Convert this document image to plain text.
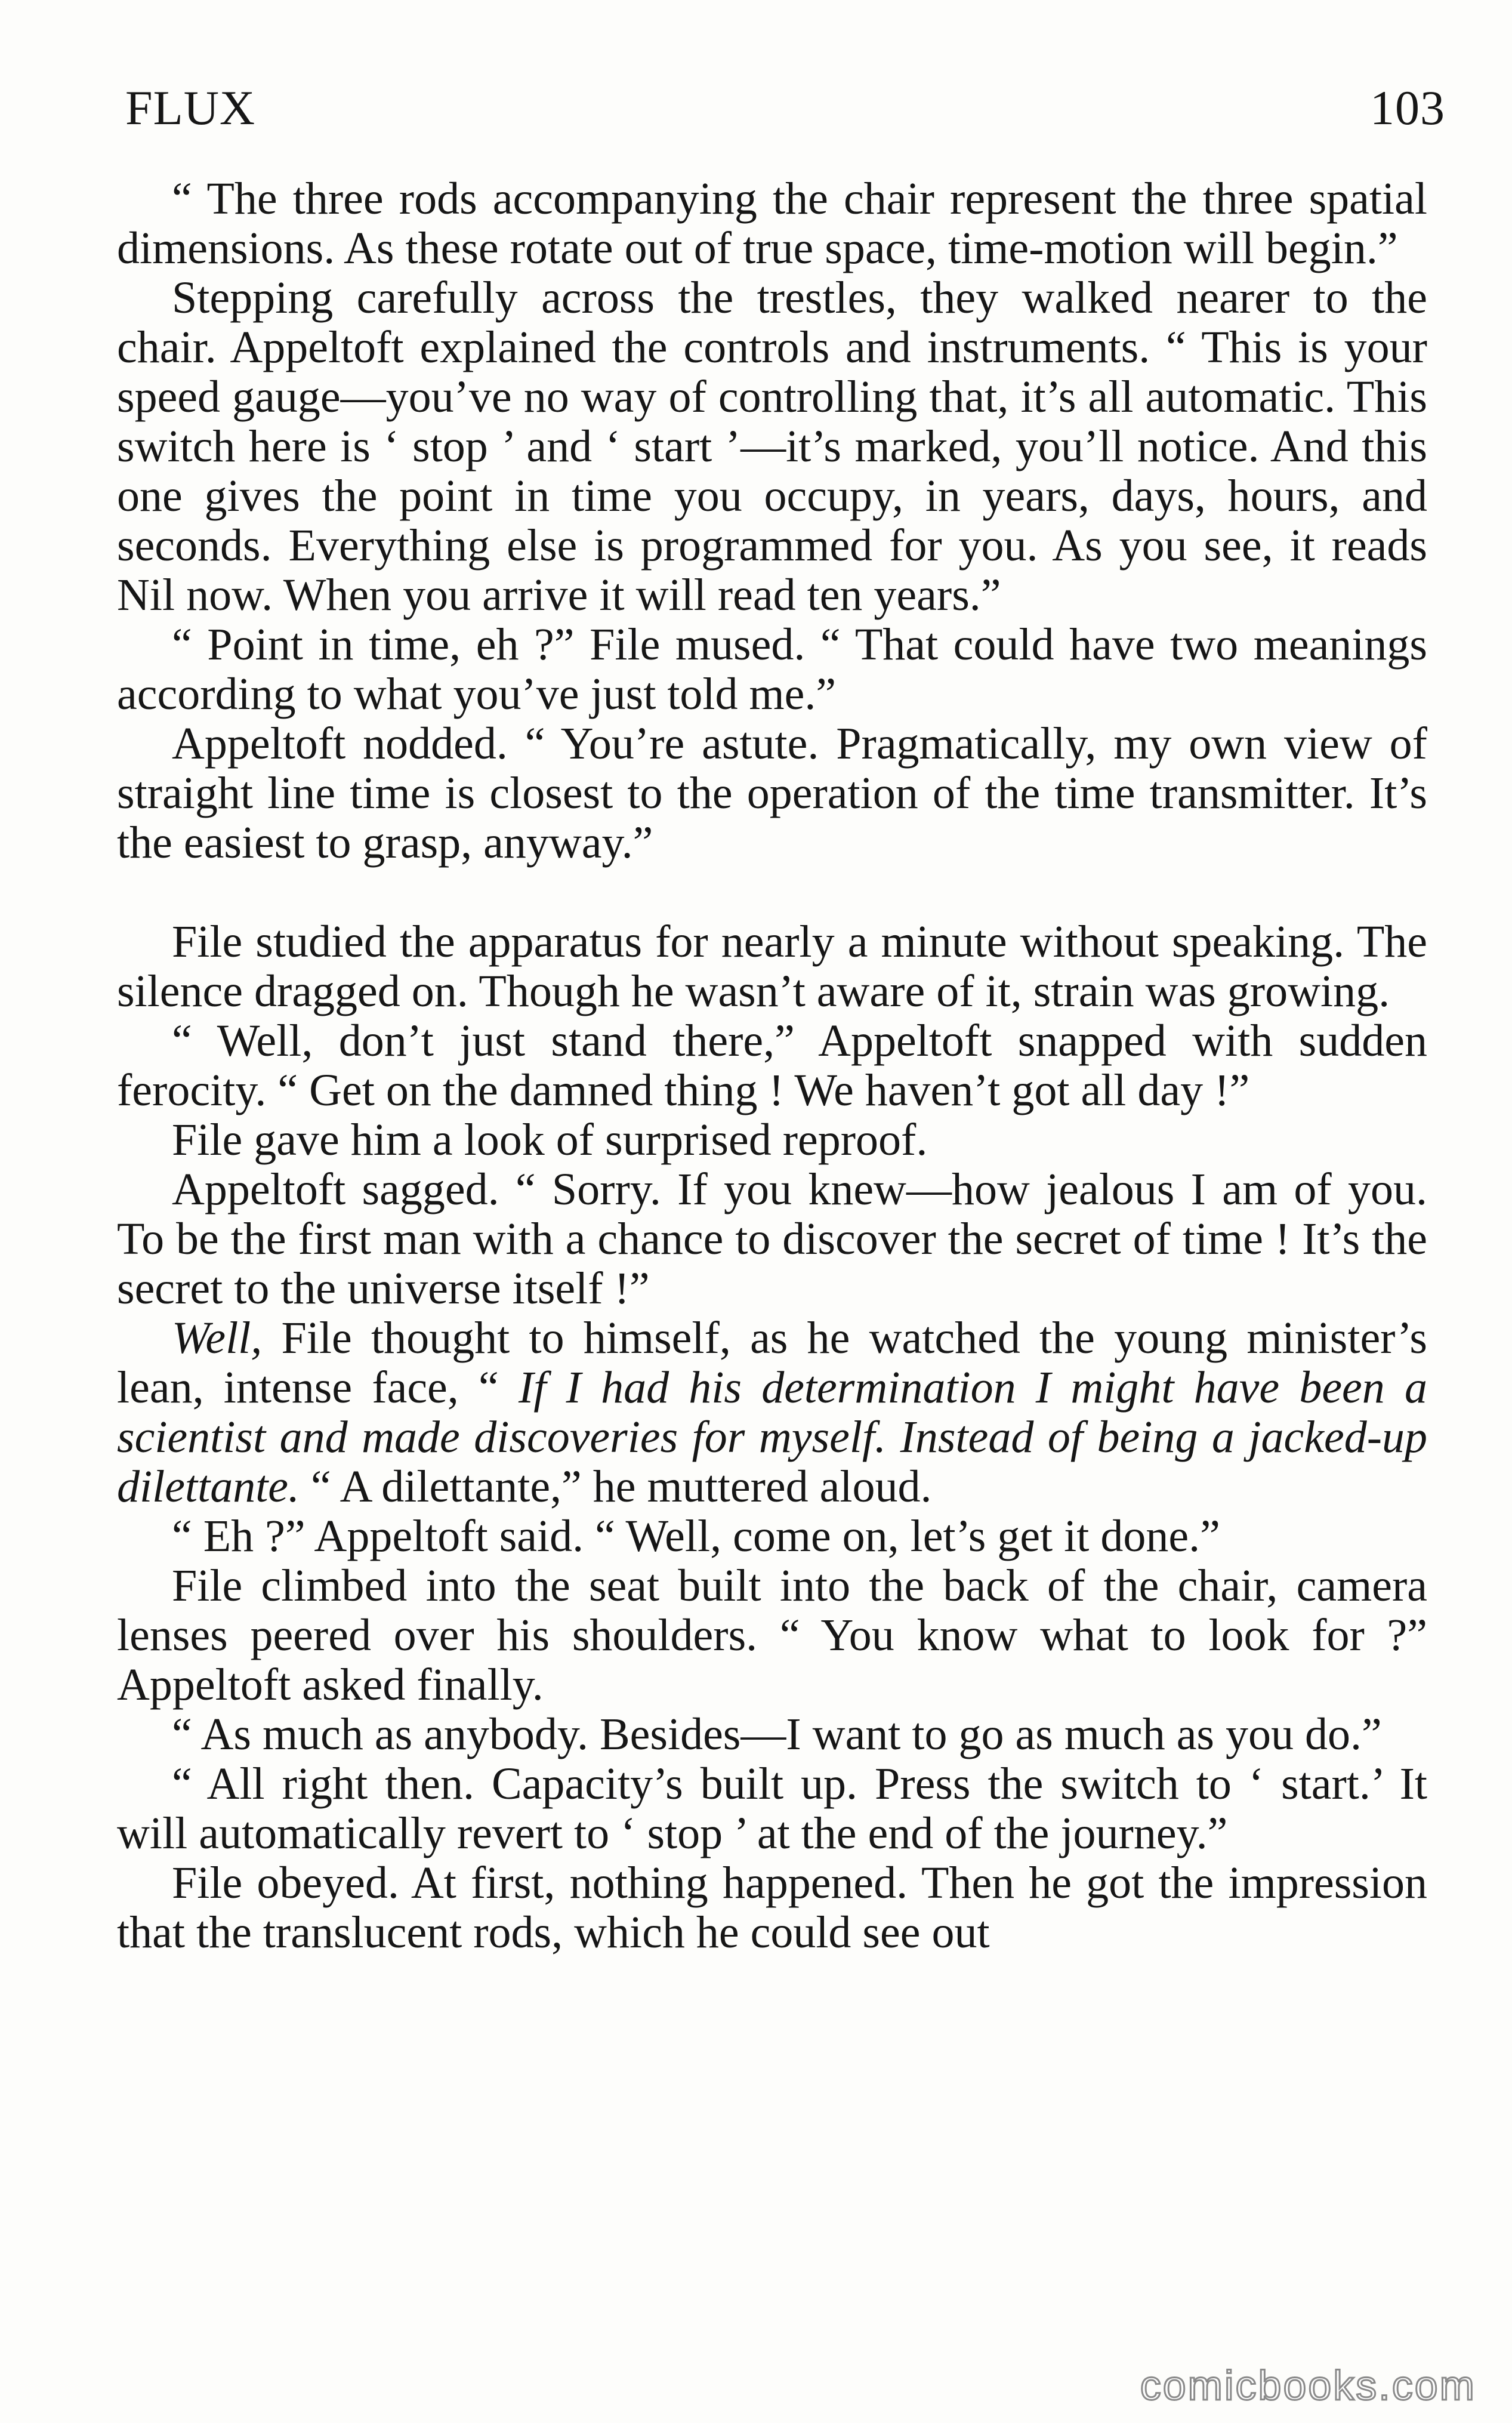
FLUX	103

“ The three rods accompanying the chair represent the three spatial dimensions. As these rotate out of true space, time-motion will begin.”

Stepping carefully across the trestles, they walked nearer to the chair. Appeltoft explained the controls and instruments. “ This is your speed gauge—you’ve no way of controlling that, it’s all automatic. This switch here is ‘ stop ’ and ‘ start ’—it’s marked, you’ll notice. And this one gives the point in time you occupy, in years, days, hours, and seconds. Everything else is programmed for you. As you see, it reads Nil now. When you arrive it will read ten years.”

“ Point in time, eh ?” File mused. “ That could have two meanings according to what you’ve just told me.”

Appeltoft nodded. “ You’re astute. Pragmatically, my own view of straight line time is closest to the operation of the time transmitter. It’s the easiest to grasp, anyway.”

File studied the apparatus for nearly a minute without speaking. The silence dragged on. Though he wasn’t aware of it, strain was growing.

“ Well, don’t just stand there,” Appeltoft snapped with sudden ferocity. “ Get on the damned thing ! We haven’t got all day !”

File gave him a look of surprised reproof.

Appeltoft sagged. “ Sorry. If you knew—how jealous I am of you. To be the first man with a chance to discover the secret of time ! It’s the secret to the universe itself !”

Well, File thought to himself, as he watched the young minister’s lean, intense face, “ If I had his determination I might have been a scientist and made discoveries for myself. Instead of being a jacked-up dilettante. “ A dilettante,” he muttered aloud.

“ Eh ?” Appeltoft said. “ Well, come on, let’s get it done.”

File climbed into the seat built into the back of the chair, camera lenses peered over his shoulders. “ You know what to look for ?” Appeltoft asked finally.

“ As much as anybody. Besides—I want to go as much as you do.”

“ All right then. Capacity’s built up. Press the switch to ‘ start.’ It will automatically revert to ‘ stop ’ at the end of the journey.”

File obeyed. At first, nothing happened. Then he got the impression that the translucent rods, which he could see out

comicbooks.com
